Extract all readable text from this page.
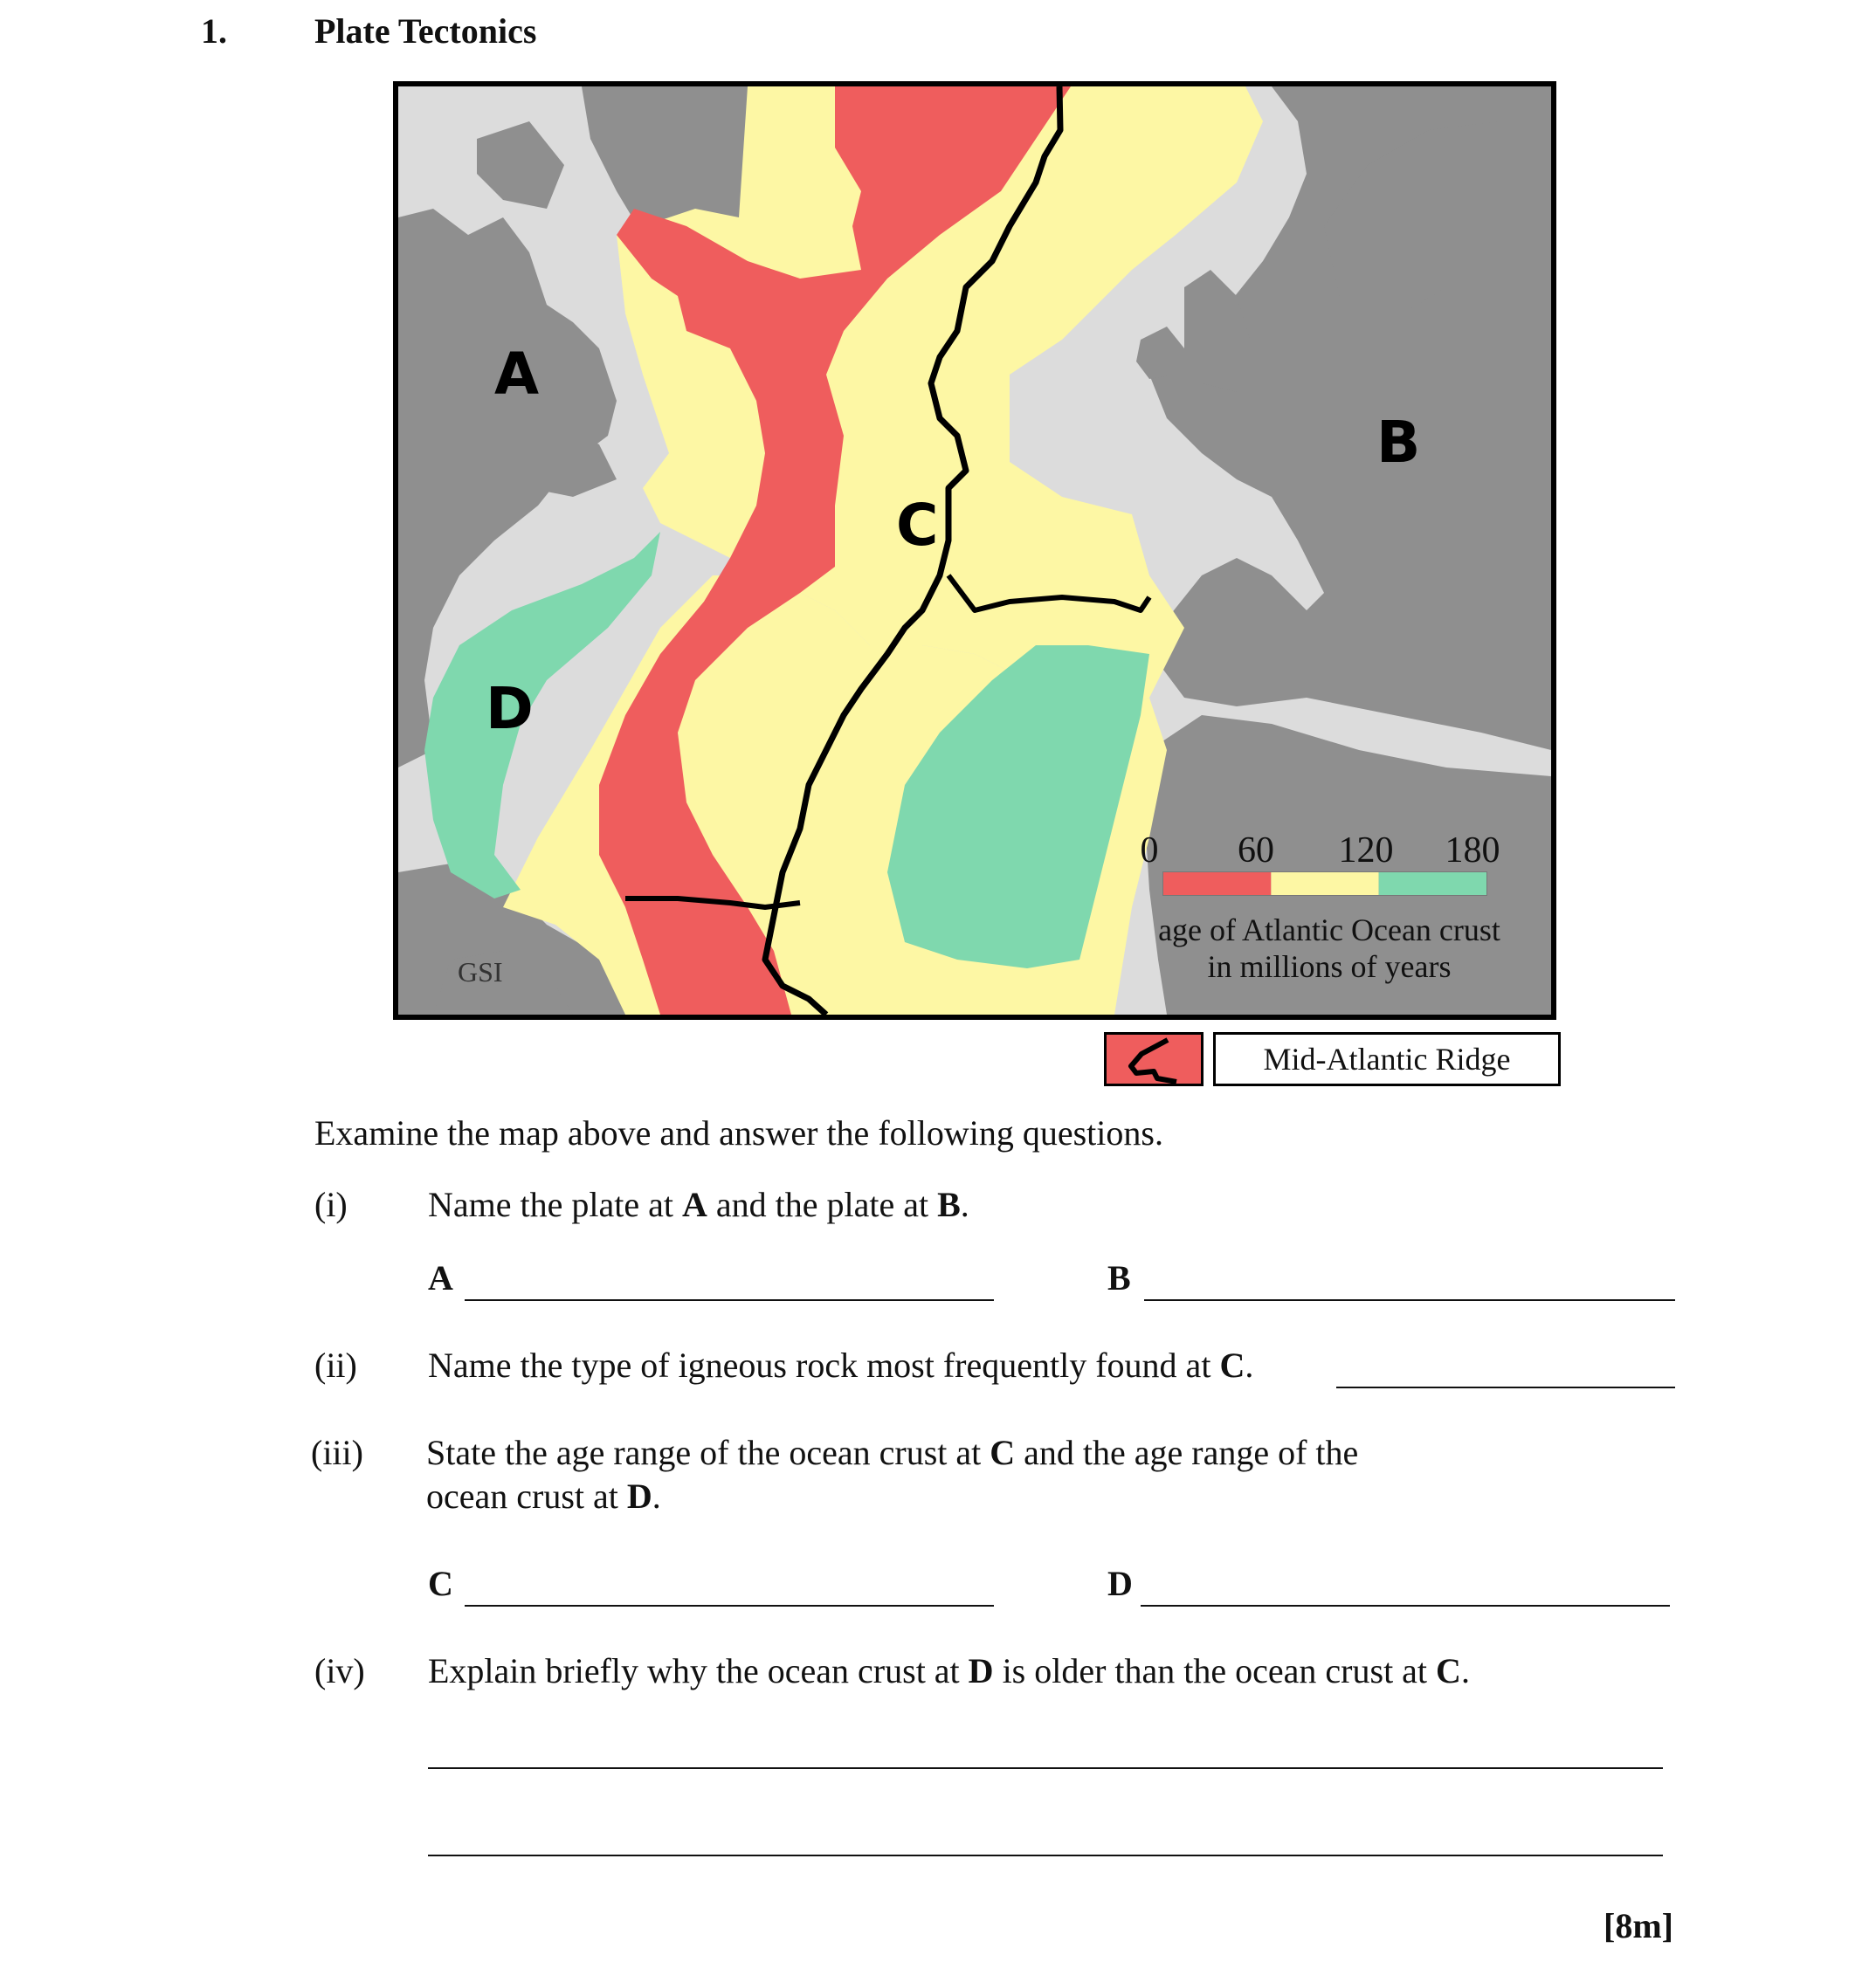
1.	Plate Tectonics
A
B
C
D
GSI
0 60 120 180
age of Atlantic Ocean crust
in millions of years
Mid-Atlantic Ridge
Examine the map above and answer the following questions.
(i) Name the plate at A and the plate at B.
A	B
(ii) Name the type of igneous rock most frequently found at C.
(iii) State the age range of the ocean crust at C and the age range of the
ocean crust at D.
C	D
(iv) Explain briefly why the ocean crust at D is older than the ocean crust at C.
[8m]
